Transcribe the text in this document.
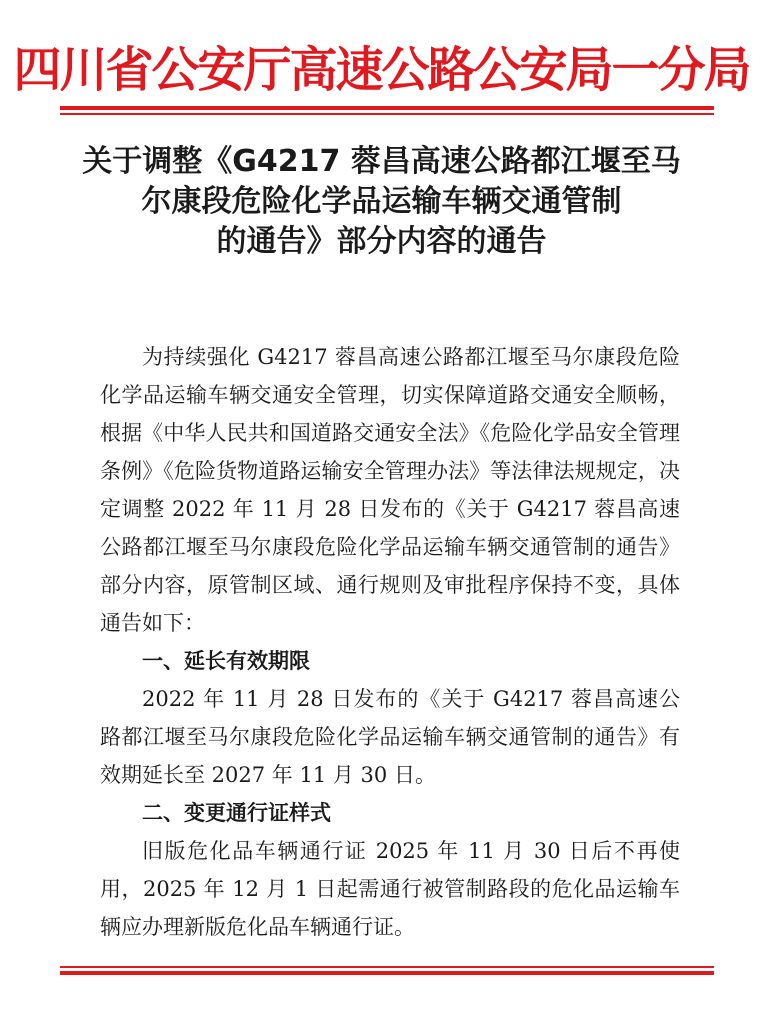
四川省公安厅高速公路公安局一分局
关于调整《G4217 蓉昌高速公路都江堰至马
尔康段危险化学品运输车辆交通管制
的通告》部分内容的通告

为持续强化 G4217 蓉昌高速公路都江堰至马尔康段危险化学品运输车辆交通安全管理，切实保障道路交通安全顺畅，根据《中华人民共和国道路交通安全法》《危险化学品安全管理条例》《危险货物道路运输安全管理办法》等法律法规规定，决定调整 2022 年 11 月 28 日发布的《关于 G4217 蓉昌高速公路都江堰至马尔康段危险化学品运输车辆交通管制的通告》部分内容，原管制区域、通行规则及审批程序保持不变，具体通告如下：

一、延长有效期限

2022 年 11 月 28 日发布的《关于 G4217 蓉昌高速公路都江堰至马尔康段危险化学品运输车辆交通管制的通告》有效期延长至 2027 年 11 月 30 日。

二、变更通行证样式

旧版危化品车辆通行证 2025 年 11 月 30 日后不再使用，2025 年 12 月 1 日起需通行被管制路段的危化品运输车辆应办理新版危化品车辆通行证。
